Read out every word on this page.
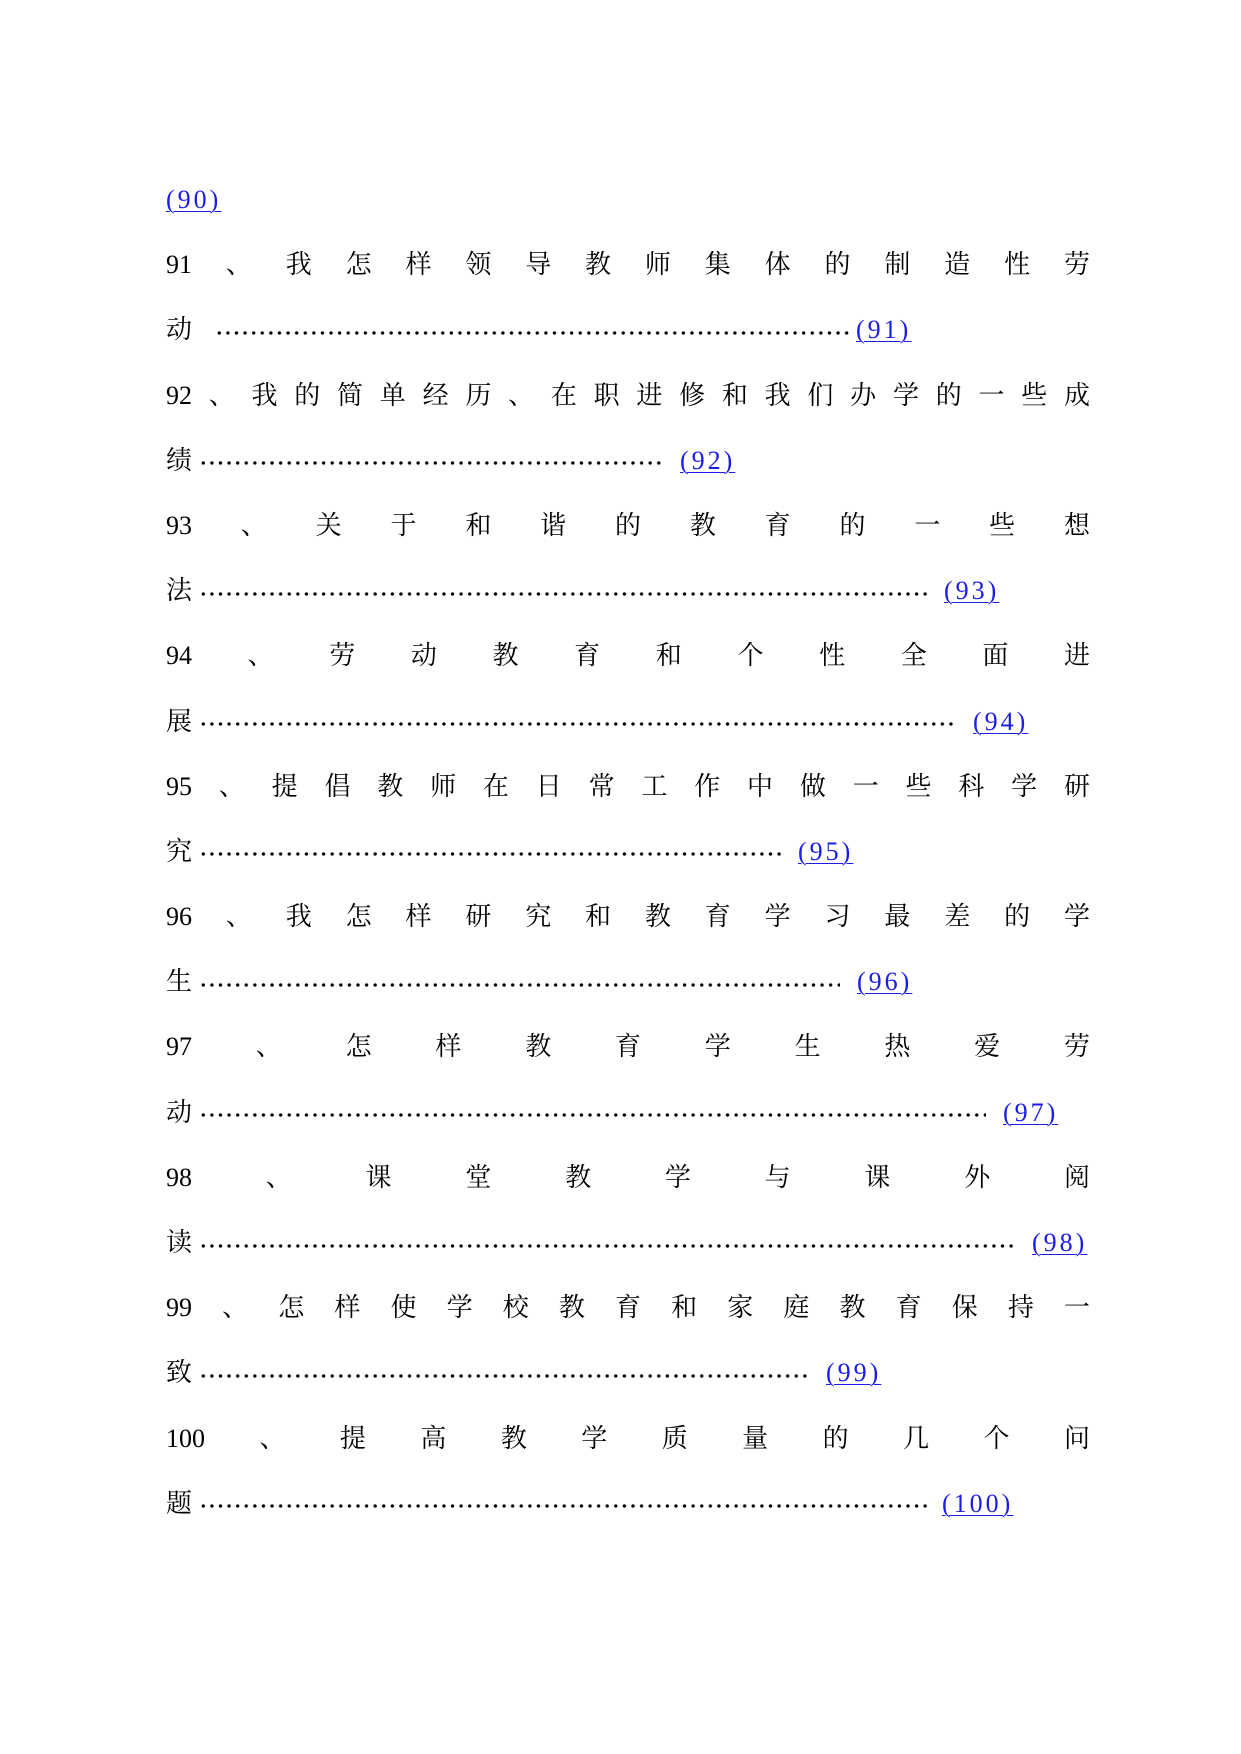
(90)
91、我怎样领导教师集体的制造性劳
动	(91)
92、我的简单经历、在职进修和我们办学的一些成
绩	(92)
93、关于和谐的教育的一些想
法	(93)
94、劳动教育和个性全面进
展	(94)
95、提倡教师在日常工作中做一些科学研
究	(95)
96、我怎样研究和教育学习最差的学
生	(96)
97、怎样教育学生热爱劳
动	(97)
98、课堂教学与课外阅
读	(98)
99、怎样使学校教育和家庭教育保持一
致	(99)
100、提高教学质量的几个问
题	(100)
